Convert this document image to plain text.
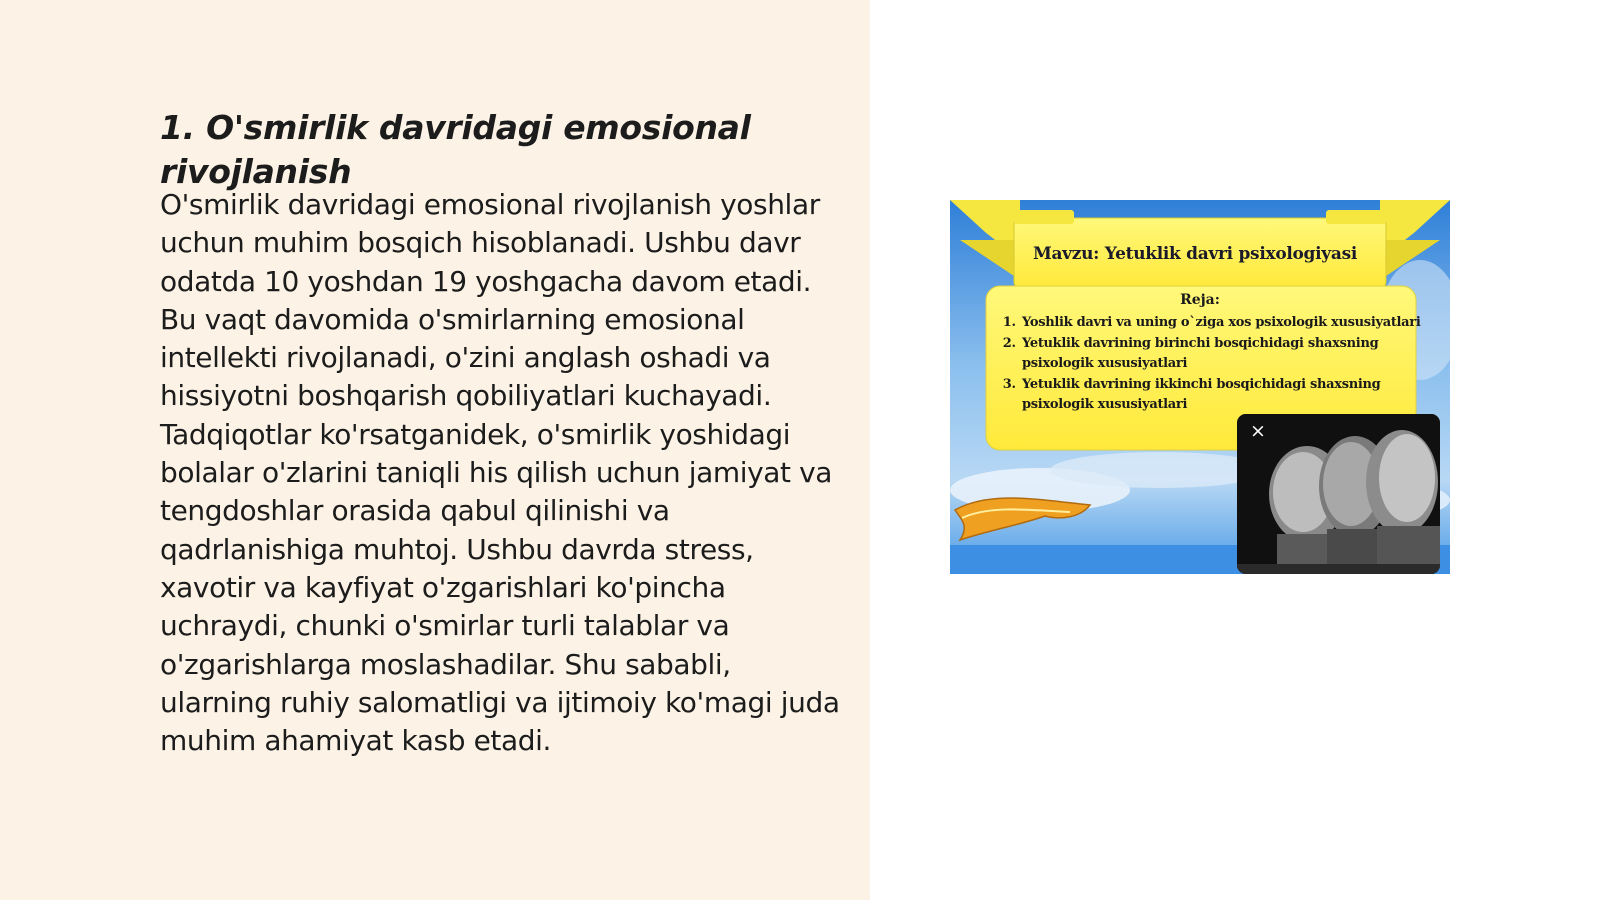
1. O'smirlik davridagi emosional rivojlanish

O'smirlik davridagi emosional rivojlanish yoshlar uchun muhim bosqich hisoblanadi. Ushbu davr odatda 10 yoshdan 19 yoshgacha davom etadi. Bu vaqt davomida o'smirlarning emosional intellekti rivojlanadi, o'zini anglash oshadi va hissiyotni boshqarish qobiliyatlari kuchayadi. Tadqiqotlar ko'rsatganidek, o'smirlik yoshidagi bolalar o'zlarini taniqli his qilish uchun jamiyat va tengdoshlar orasida qabul qilinishi va qadrlanishiga muhtoj. Ushbu davrda stress, xavotir va kayfiyat o'zgarishlari ko'pincha uchraydi, chunki o'smirlar turli talablar va o'zgarishlarga moslashadilar. Shu sababli, ularning ruhiy salomatligi va ijtimoiy ko'magi juda muhim ahamiyat kasb etadi.

Mavzu: Yetuklik davri psixologiyasi
Reja:
1. Yoshlik davri va uning o`ziga xos psixologik xususiyatlari
2. Yetuklik davrining birinchi bosqichidagi shaxsning psixologik xususiyatlari
3. Yetuklik davrining ikkinchi bosqichidagi shaxsning psixologik xususiyatlari
×
